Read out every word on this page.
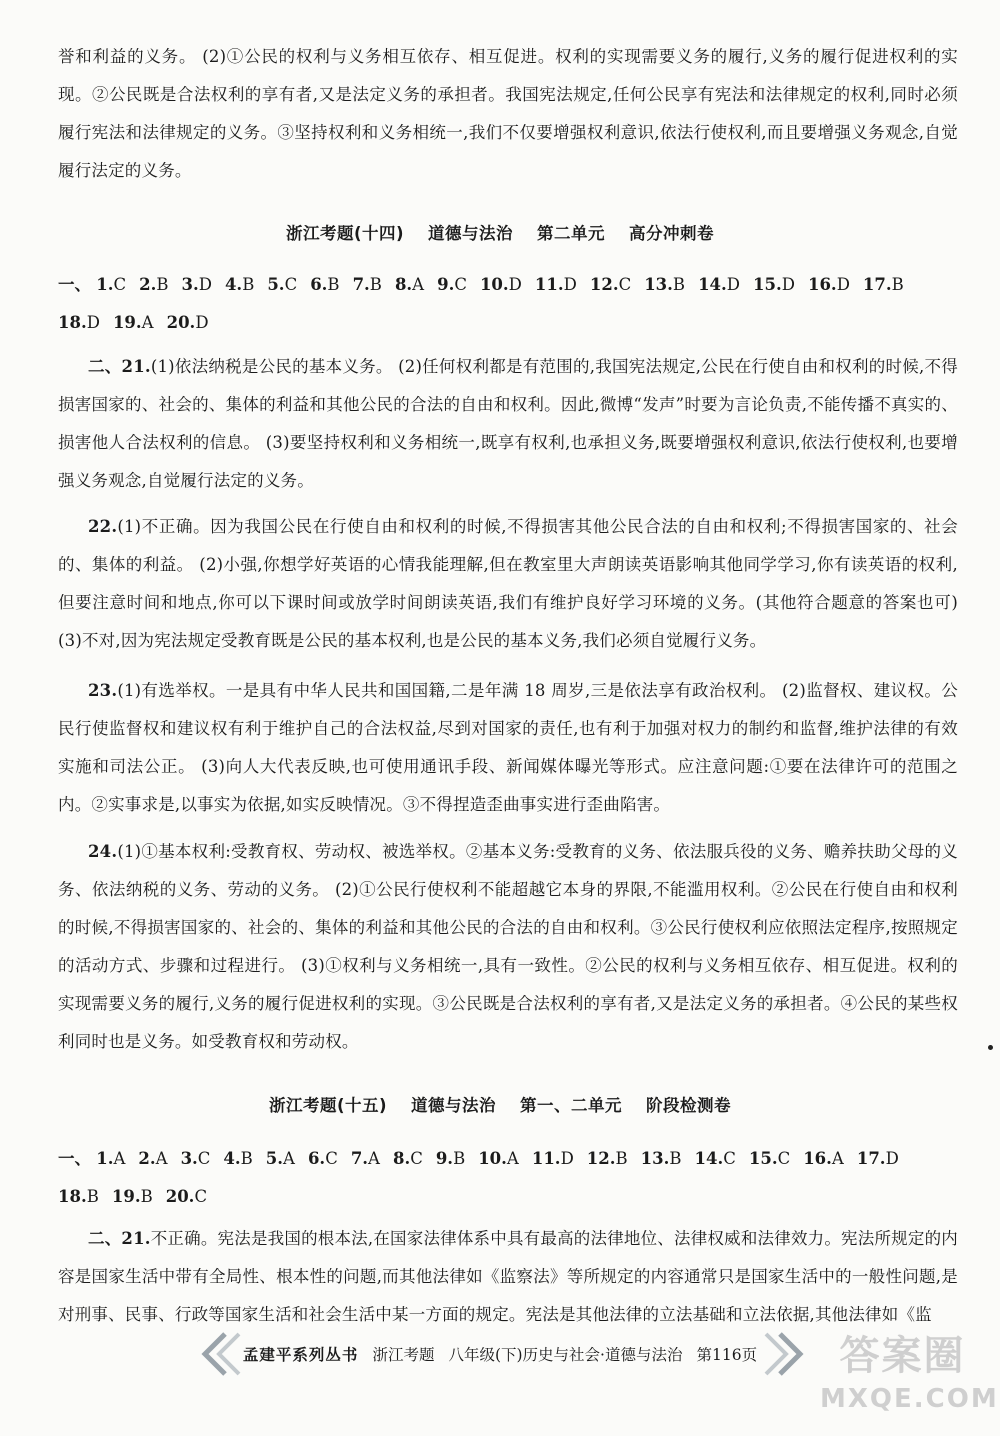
誉和利益的义务。 (2)①公民的权利与义务相互依存、相互促进。权利的实现需要义务的履行,义务的履行促进权利的实现。②公民既是合法权利的享有者,又是法定义务的承担者。我国宪法规定,任何公民享有宪法和法律规定的权利,同时必须履行宪法和法律规定的义务。③坚持权利和义务相统一,我们不仅要增强权利意识,依法行使权利,而且要增强义务观念,自觉履行法定的义务。

浙江考题(十四) 道德与法治 第二单元 高分冲刺卷
一、 1.C 2.B 3.D 4.B 5.C 6.B 7.B 8.A 9.C 10.D 11.D 12.C 13.B 14.D 15.D 16.D 17.B18.D 19.A 20.D

二、21.(1)依法纳税是公民的基本义务。 (2)任何权利都是有范围的,我国宪法规定,公民在行使自由和权利的时候,不得损害国家的、社会的、集体的利益和其他公民的合法的自由和权利。因此,微博“发声”时要为言论负责,不能传播不真实的、损害他人合法权利的信息。 (3)要坚持权利和义务相统一,既享有权利,也承担义务,既要增强权利意识,依法行使权利,也要增强义务观念,自觉履行法定的义务。

22.(1)不正确。因为我国公民在行使自由和权利的时候,不得损害其他公民合法的自由和权利;不得损害国家的、社会的、集体的利益。 (2)小强,你想学好英语的心情我能理解,但在教室里大声朗读英语影响其他同学学习,你有读英语的权利,但要注意时间和地点,你可以下课时间或放学时间朗读英语,我们有维护良好学习环境的义务。(其他符合题意的答案也可) (3)不对,因为宪法规定受教育既是公民的基本权利,也是公民的基本义务,我们必须自觉履行义务。

23.(1)有选举权。一是具有中华人民共和国国籍,二是年满 18 周岁,三是依法享有政治权利。 (2)监督权、建议权。公民行使监督权和建议权有利于维护自己的合法权益,尽到对国家的责任,也有利于加强对权力的制约和监督,维护法律的有效实施和司法公正。 (3)向人大代表反映,也可使用通讯手段、新闻媒体曝光等形式。应注意问题:①要在法律许可的范围之内。②实事求是,以事实为依据,如实反映情况。③不得捏造歪曲事实进行歪曲陷害。

24.(1)①基本权利:受教育权、劳动权、被选举权。②基本义务:受教育的义务、依法服兵役的义务、赡养扶助父母的义务、依法纳税的义务、劳动的义务。 (2)①公民行使权利不能超越它本身的界限,不能滥用权利。②公民在行使自由和权利的时候,不得损害国家的、社会的、集体的利益和其他公民的合法的自由和权利。③公民行使权利应依照法定程序,按照规定的活动方式、步骤和过程进行。 (3)①权利与义务相统一,具有一致性。②公民的权利与义务相互依存、相互促进。权利的实现需要义务的履行,义务的履行促进权利的实现。③公民既是合法权利的享有者,又是法定义务的承担者。④公民的某些权利同时也是义务。如受教育权和劳动权。

浙江考题(十五) 道德与法治 第一、二单元 阶段检测卷
一、 1.A 2.A 3.C 4.B 5.A 6.C 7.A 8.C 9.B 10.A 11.D 12.B 13.B 14.C 15.C 16.A 17.D18.B 19.B 20.C

二、21.不正确。宪法是我国的根本法,在国家法律体系中具有最高的法律地位、法律权威和法律效力。宪法所规定的内容是国家生活中带有全局性、根本性的问题,而其他法律如《监察法》等所规定的内容通常只是国家生活中的一般性问题,是对刑事、民事、行政等国家生活和社会生活中某一方面的规定。宪法是其他法律的立法基础和立法依据,其他法律如《监

孟建平系列丛书 浙江考题 八年级(下)历史与社会·道德与法治 第116页	答案圈
MXQE.COM
